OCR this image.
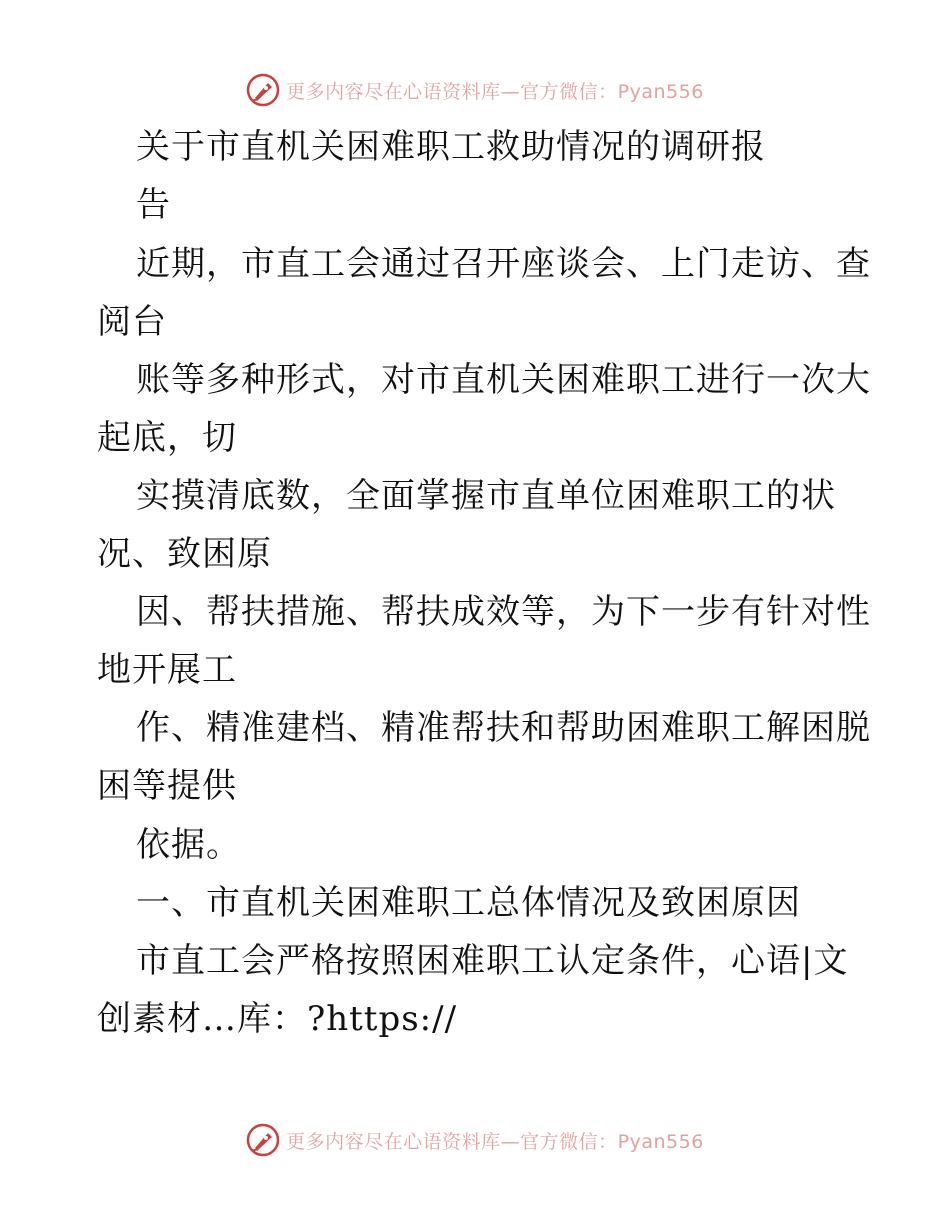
更多内容尽在心语资料库—官方微信：Pyan556
关于市直机关困难职工救助情况的调研报
告
近期，市直工会通过召开座谈会、上门走访、查
阅台
账等多种形式，对市直机关困难职工进行一次大
起底，切
实摸清底数，全面掌握市直单位困难职工的状
况、致困原
因、帮扶措施、帮扶成效等，为下一步有针对性
地开展工
作、精准建档、精准帮扶和帮助困难职工解困脱
困等提供
依据。
一、市直机关困难职工总体情况及致困原因
市直工会严格按照困难职工认定条件，心语|文
创素材…库：?https://
更多内容尽在心语资料库—官方微信：Pyan556
